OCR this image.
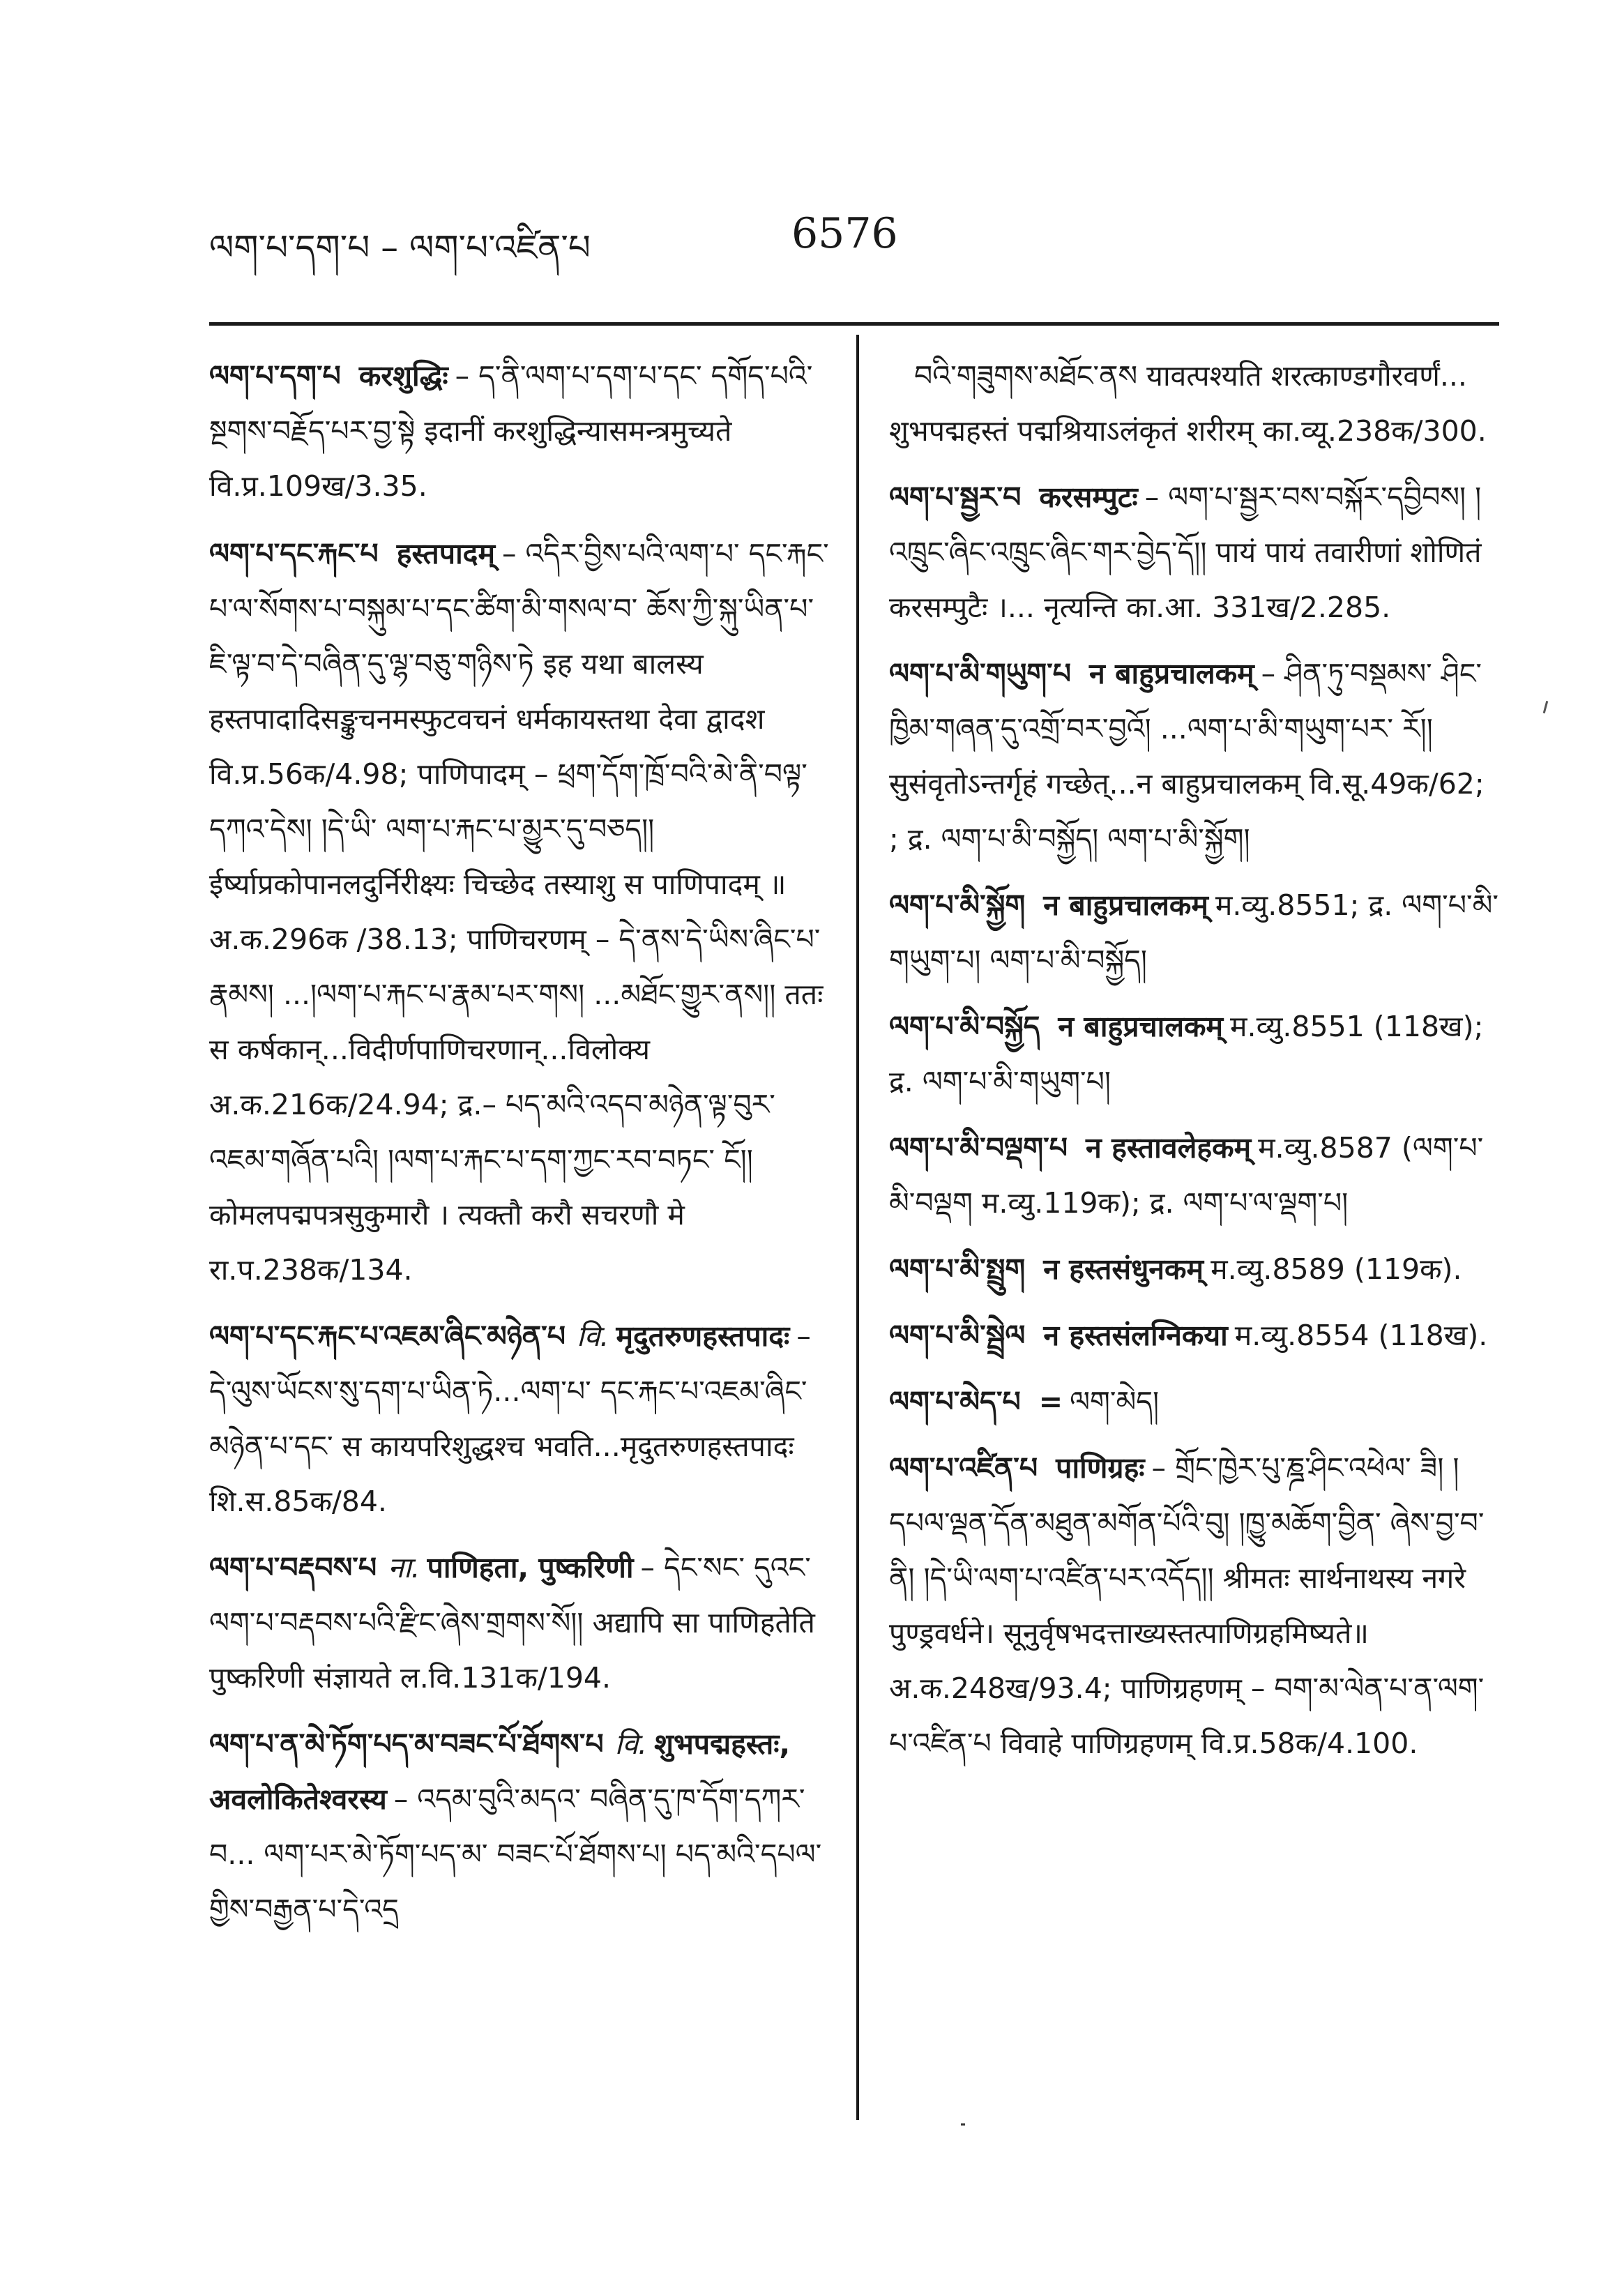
ལག་པ་དག་པ – ལག་པ་འཛིན་པ	6576
ལག་པ་དག་པ करशुद्धिः – ད་ནི་ལག་པ་དག་པ་དང་ དགོད་པའི་སྔགས་བརྗོད་པར་བྱ་སྟེ इदानीं करशुद्धिन्यासमन्त्रमुच्यते वि.प्र.109ख/3.35.
ལག་པ་དང་རྐང་པ हस्तपादम् – འདིར་བྱིས་པའི་ལག་པ་ དང་རྐང་པ་ལ་སོགས་པ་བསྐུམ་པ་དང་ཚིག་མི་གསལ་བ་ ཆོས་ཀྱི་སྐུ་ཡིན་པ་ཇི་ལྟ་བ་དེ་བཞིན་དུ་ལྷ་བཅུ་གཉིས་ཏེ इह यथा बालस्य हस्तपादादिसङ्कुचनमस्फुटवचनं धर्मकायस्तथा देवा द्वादश वि.प्र.56क/4.98; पाणिपादम् – ཕྲག་དོག་ཁྲོ་བའི་མེ་ནི་བལྟ་དཀའ་དེས། །དེ་ཡི་ ལག་པ་རྐང་པ་མྱུར་དུ་བཅད།། ईर्ष्याप्रकोपानलदुर्निरीक्ष्यः चिच्छेद तस्याशु स पाणिपादम् ॥ अ.क.296क /38.13; पाणिचरणम् – དེ་ནས་དེ་ཡིས་ཞིང་པ་རྣམས། ...།ལག་པ་རྐང་པ་རྣམ་པར་གས། ...མཐོང་གྱུར་ནས།། ततः स कर्षकान्...विदीर्णपाणिचरणान्...विलोक्य अ.क.216क/24.94; द्र.– པད་མའི་འདབ་མཉེན་ལྟ་བུར་ འཇམ་གཞོན་པའི། །ལག་པ་རྐང་པ་དག་ཀྱང་རབ་བཏང་ ངོ།། कोमलपद्मपत्रसुकुमारौ । त्यक्तौ करौ सचरणौ मे रा.प.238क/134.
ལག་པ་དང་རྐང་པ་འཇམ་ཞིང་མཉེན་པ वि. मृदुतरुणहस्तपादः – དེ་ལུས་ཡོངས་སུ་དག་པ་ཡིན་ཏེ...ལག་པ་ དང་རྐང་པ་འཇམ་ཞིང་མཉེན་པ་དང་ स कायपरिशुद्धश्च भवति...मृदुतरुणहस्तपादः शि.स.85क/84.
ལག་པ་བརྡབས་པ ना. पाणिहता, पुष्करिणी – དེང་སང་ དུའང་ལག་པ་བརྡབས་པའི་རྫིང་ཞེས་གྲགས་སོ།། अद्यापि सा पाणिहतेति पुष्करिणी संज्ञायते ल.वि.131क/194.
ལག་པ་ན་མེ་ཏོག་པད་མ་བཟང་པོ་ཐོགས་པ वि. शुभपद्महस्तः, अवलोकितेश्वरस्य – འདམ་བུའི་མདའ་ བཞིན་དུ་ཁ་དོག་དཀར་བ... ལག་པར་མེ་ཏོག་པད་མ་ བཟང་པོ་ཐོགས་པ། པད་མའི་དཔལ་གྱིས་བརྒྱན་པ་དེ་འདྲ
བའི་གཟུགས་མཐོང་ནས यावत्पश्यति शरत्काण्डगौरवर्णं... शुभपद्महस्तं पद्मश्रियाऽलंकृतं शरीरम् का.व्यू.238क/300.
ལག་པ་སྦྱར་བ करसम्पुटः – ལག་པ་སྦྱར་བས་བསྐོར་དབྱིབས། །འཁྲུང་ཞིང་འཁྲུང་ཞིང་གར་བྱེད་དོ།། पायं पायं तवारीणां शोणितं करसम्पुटैः ।... नृत्यन्ति का.आ. 331ख/2.285.
ལག་པ་མི་གཡུག་པ न बाहुप्रचालकम् – ཤིན་ཏུ་བསྡམས་ ཤིང་ཁྱིམ་གཞན་དུ་འགྲོ་བར་བྱའོ། ...ལག་པ་མི་གཡུག་པར་ རོ།། सुसंवृतोऽन्तर्गृहं गच्छेत्...न बाहुप्रचालकम् वि.सू.49क/62; ; द्र. ལག་པ་མི་བསྐྱོད། ལག་པ་མི་སྐྱོག།
ལག་པ་མི་སྐྱོག न बाहुप्रचालकम् म.व्यु.8551; द्र. ལག་པ་མི་གཡུག་པ། ལག་པ་མི་བསྐྱོད།
ལག་པ་མི་བསྐྱོད न बाहुप्रचालकम् म.व्यु.8551 (118ख); द्र. ལག་པ་མི་གཡུག་པ།
ལག་པ་མི་བལྡག་པ न हस्तावलेहकम् म.व्यु.8587 (ལག་པ་མི་བལྡག म.व्यु.119क); द्र. ལག་པ་ལ་ལྡག་པ།
ལག་པ་མི་སྤྲུག न हस्तसंधुनकम् म.व्यु.8589 (119क).
ལག་པ་མི་སྦྲེལ न हस्तसंलग्निकया म.व्यु.8554 (118ख).
ལག་པ་མེད་པ = ལག་མེད།
ལག་པ་འཛིན་པ पाणिग्रहः – གྲོང་ཁྱེར་པུ་ཎྜ་ཤིང་འཕེལ་ ཟི། །དཔལ་ལྡན་དོན་མཐུན་མགོན་པོའི་བུ། །ཁྱུ་མཆོག་བྱིན་ ཞེས་བྱ་བ་ནི། །དེ་ཡི་ལག་པ་འཛིན་པར་འདོད།། श्रीमतः सार्थनाथस्य नगरे पुण्ड्रवर्धने। सूनुर्वृषभदत्ताख्यस्तत्पाणिग्रहमिष्यते॥ अ.क.248ख/93.4; पाणिग्रहणम् – བག་མ་ལེན་པ་ན་ལག་པ་འཛིན་པ विवाहे पाणिग्रहणम् वि.प्र.58क/4.100.
